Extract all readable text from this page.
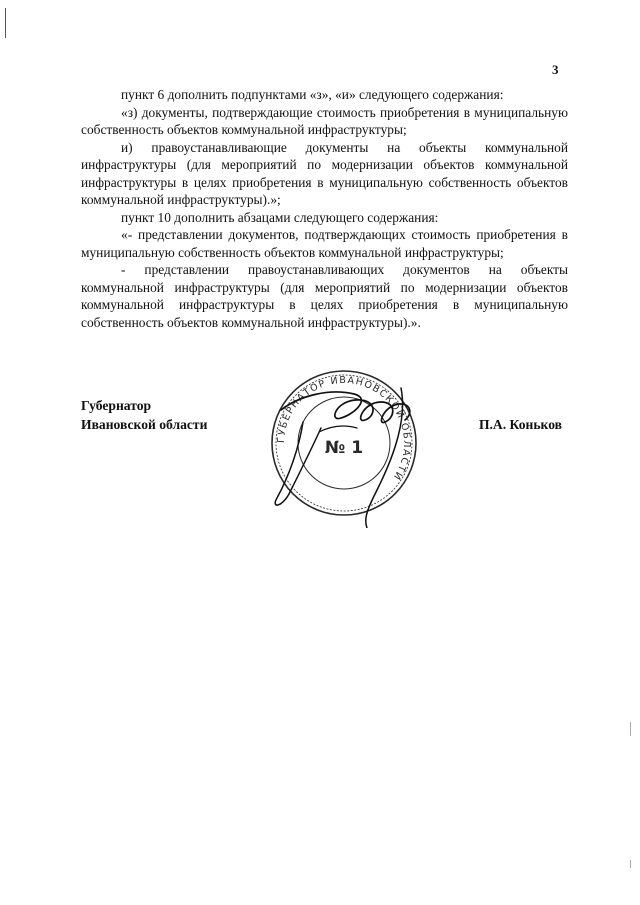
3

пункт 6 дополнить подпунктами «з», «и» следующего содержания:

«з) документы, подтверждающие стоимость приобретения в муниципальную собственность объектов коммунальной инфраструктуры;

и) правоустанавливающие документы на объекты коммунальной инфраструктуры (для мероприятий по модернизации объектов коммунальной инфраструктуры в целях приобретения в муниципальную собственность объектов коммунальной инфраструктуры).»;

пункт 10 дополнить абзацами следующего содержания:

«- представлении документов, подтверждающих стоимость приобретения в муниципальную собственность объектов коммунальной инфраструктуры;

- представлении правоустанавливающих документов на объекты коммунальной инфраструктуры (для мероприятий по модернизации объектов коммунальной инфраструктуры в целях приобретения в муниципальную собственность объектов коммунальной инфраструктуры).».

Губернатор
Ивановской области
ГУБЕРНАТОР ИВАНОВСКОЙ ОБЛАСТИ
№ 1
П.А. Коньков
